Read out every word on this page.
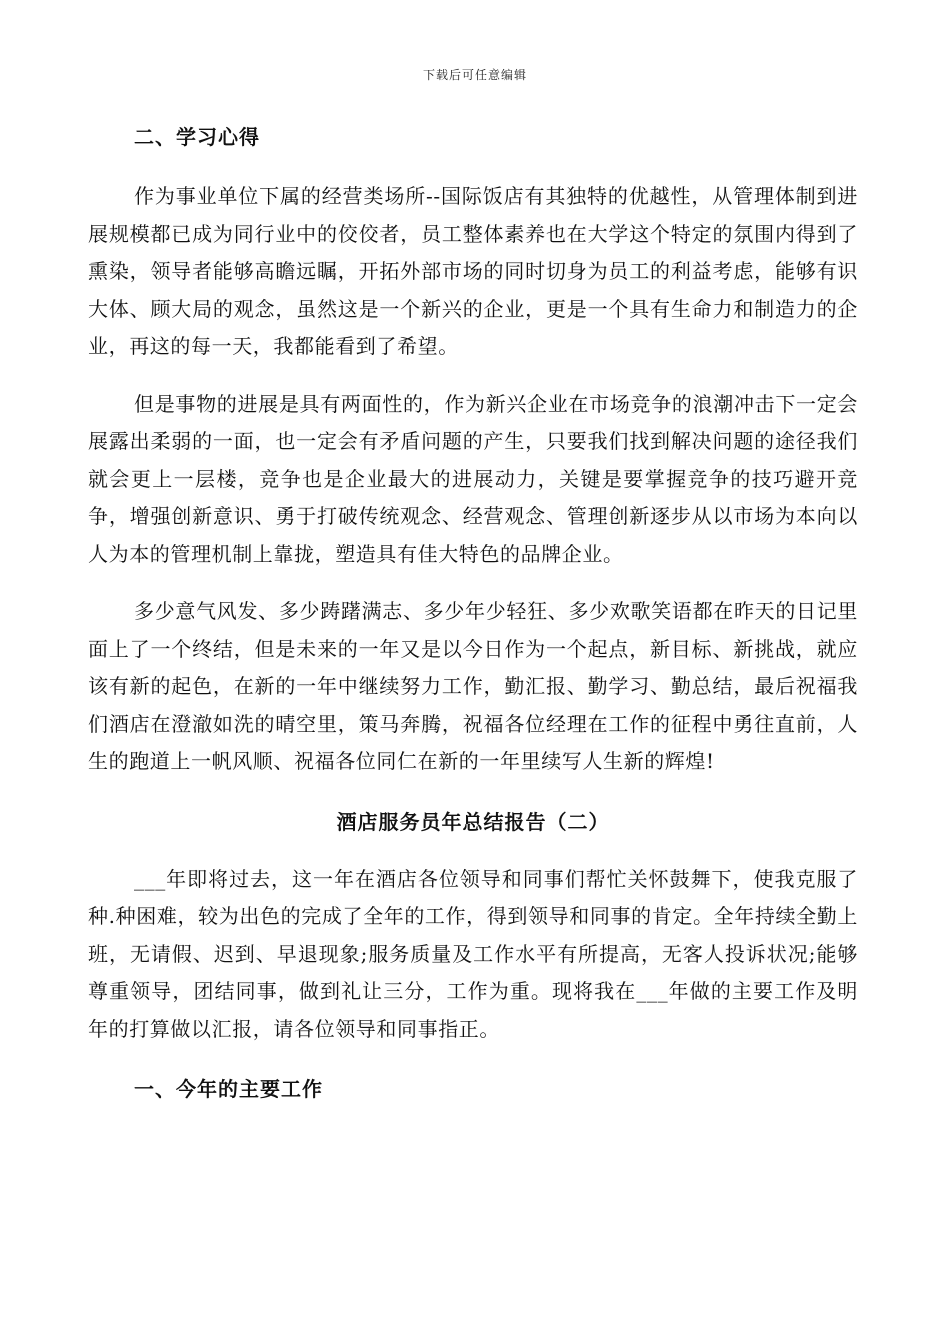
下载后可任意编辑
二、学习心得

作为事业单位下属的经营类场所--国际饭店有其独特的优越性，从管理体制到进展规模都已成为同行业中的佼佼者，员工整体素养也在大学这个特定的氛围内得到了熏染，领导者能够高瞻远瞩，开拓外部市场的同时切身为员工的利益考虑，能够有识大体、顾大局的观念，虽然这是一个新兴的企业，更是一个具有生命力和制造力的企业，再这的每一天，我都能看到了希望。

但是事物的进展是具有两面性的，作为新兴企业在市场竞争的浪潮冲击下一定会展露出柔弱的一面，也一定会有矛盾问题的产生，只要我们找到解决问题的途径我们就会更上一层楼，竞争也是企业最大的进展动力，关键是要掌握竞争的技巧避开竞争，增强创新意识、勇于打破传统观念、经营观念、管理创新逐步从以市场为本向以人为本的管理机制上靠拢，塑造具有佳大特色的品牌企业。

多少意气风发、多少踌躇满志、多少年少轻狂、多少欢歌笑语都在昨天的日记里面上了一个终结，但是未来的一年又是以今日作为一个起点，新目标、新挑战，就应该有新的起色，在新的一年中继续努力工作，勤汇报、勤学习、勤总结，最后祝福我们酒店在澄澈如洗的晴空里，策马奔腾，祝福各位经理在工作的征程中勇往直前，人生的跑道上一帆风顺、祝福各位同仁在新的一年里续写人生新的辉煌!

酒店服务员年总结报告（二）

___年即将过去，这一年在酒店各位领导和同事们帮忙关怀鼓舞下，使我克服了种.种困难，较为出色的完成了全年的工作，得到领导和同事的肯定。全年持续全勤上班，无请假、迟到、早退现象;服务质量及工作水平有所提高，无客人投诉状况;能够尊重领导，团结同事，做到礼让三分，工作为重。现将我在___年做的主要工作及明年的打算做以汇报，请各位领导和同事指正。

一、今年的主要工作
